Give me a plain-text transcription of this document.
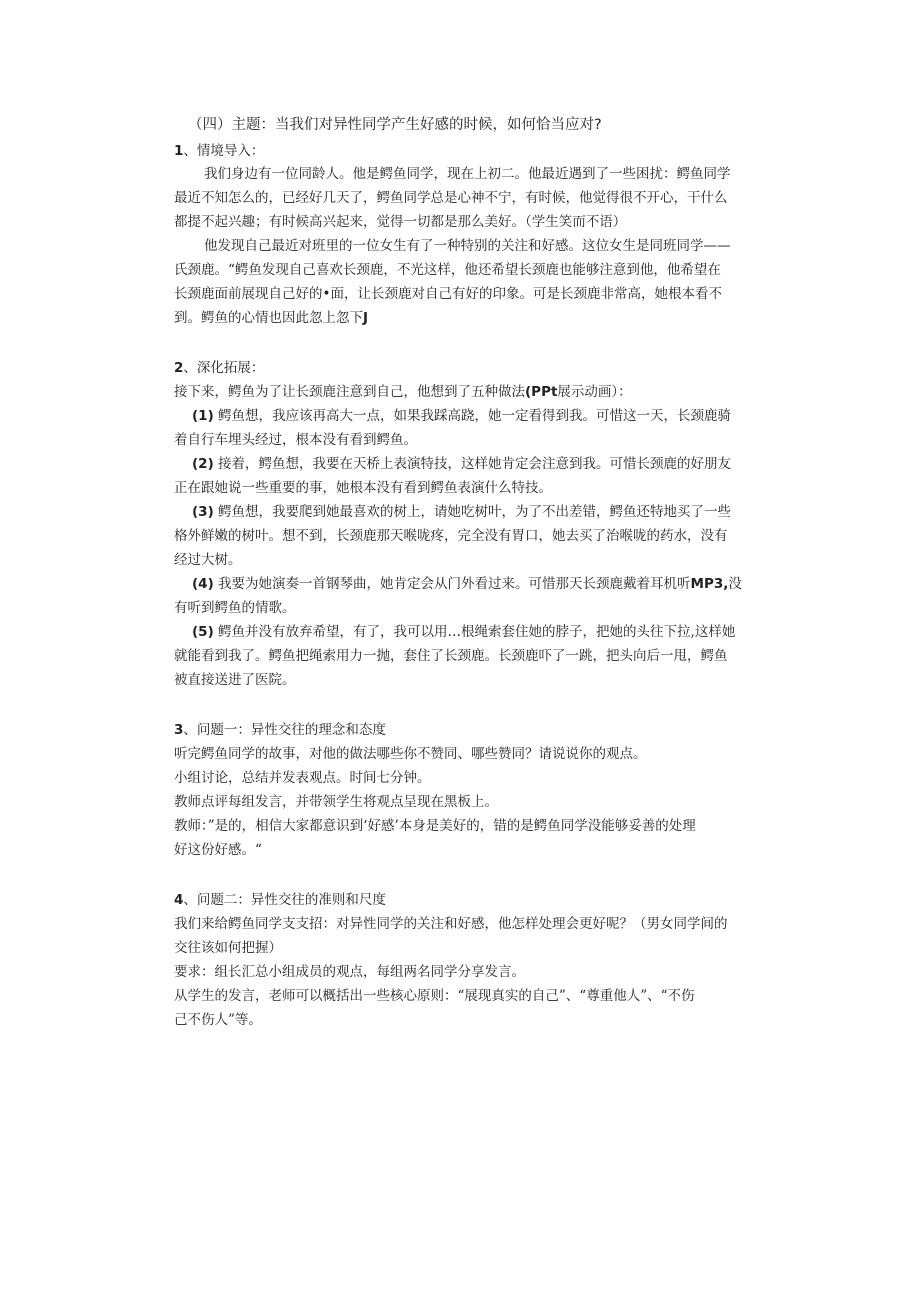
（四）主题：当我们对异性同学产生好感的时候，如何恰当应对?
1、情境导入：
我们身边有一位同龄人。他是鳄鱼同学，现在上初二。他最近遇到了一些困扰：鳄鱼同学
最近不知怎么的，已经好几天了，鳄鱼同学总是心神不宁，有时候，他觉得很不开心，干什么
都提不起兴趣；有时候高兴起来，觉得一切都是那么美好。（学生笑而不语）
他发现自己最近对班里的一位女生有了一种特别的关注和好感。这位女生是同班同学——
氏颈鹿。“鳄鱼发现自己喜欢长颈鹿，不光这样，他还希望长颈鹿也能够注意到他，他希望在
长颈鹿面前展现自己好的•面，让长颈鹿对自己有好的印象。可是长颈鹿非常高，她根本看不
到。鳄鱼的心情也因此忽上忽下J
2、深化拓展：
接下来，鳄鱼为了让长颈鹿注意到自己，他想到了五种做法(PPt展示动画）：
(1) 鳄鱼想，我应该再高大一点，如果我踩高跷，她一定看得到我。可惜这一天，长颈鹿骑
着自行车埋头经过，根本没有看到鳄鱼。
(2) 接着，鳄鱼想，我要在天桥上表演特技，这样她肯定会注意到我。可惜长颈鹿的好朋友
正在跟她说一些重要的事，她根本没有看到鳄鱼表演什么特技。
(3) 鳄鱼想，我要爬到她最喜欢的树上，请她吃树叶，为了不出差错，鳄鱼还特地买了一些
格外鲜嫩的树叶。想不到，长颈鹿那天喉咙疼，完全没有胃口，她去买了治喉咙的药水，没有
经过大树。
(4) 我要为她演奏一首钢琴曲，她肯定会从门外看过来。可惜那天长颈鹿戴着耳机听MP3,没
有听到鳄鱼的情歌。
(5) 鳄鱼并没有放弃希望，有了，我可以用…根绳索套住她的脖子，把她的头往下拉,这样她
就能看到我了。鳄鱼把绳索用力一抛，套住了长颈鹿。长颈鹿吓了一跳，把头向后一甩，鳄鱼
被直接送进了医院。
3、问题一：异性交往的理念和态度
听完鳄鱼同学的故事，对他的做法哪些你不赞同、哪些赞同？请说说你的观点。
小组讨论，总结并发表观点。时间七分钟。
教师点评每组发言，并带领学生将观点呈现在黑板上。
教师：”是的，相信大家都意识到‘好感’本身是美好的，错的是鳄鱼同学没能够妥善的处理
好这份好感。“
4、问题二：异性交往的准则和尺度
我们来给鳄鱼同学支支招：对异性同学的关注和好感，他怎样处理会更好呢？（男女同学间的
交往该如何把握）
要求：组长汇总小组成员的观点，每组两名同学分享发言。
从学生的发言，老师可以概括出一些核心原则：“展现真实的自己”、“尊重他人”、“不伤
己不伤人”等。
